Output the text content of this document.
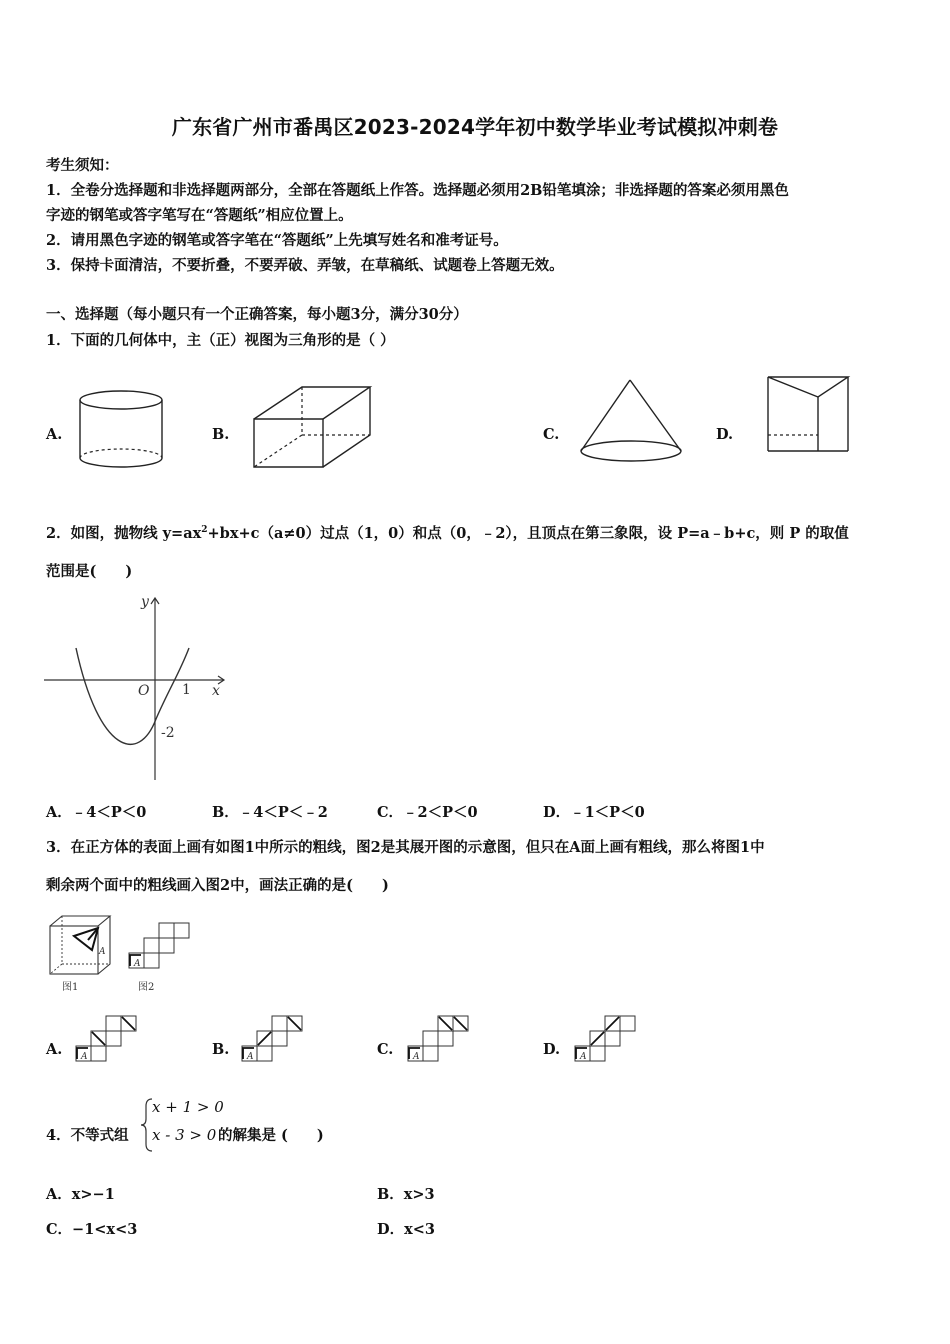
广东省广州市番禺区2023-2024学年初中数学毕业考试模拟冲刺卷
考生须知：
1．全卷分选择题和非选择题两部分，全部在答题纸上作答。选择题必须用2B铅笔填涂；非选择题的答案必须用黑色
字迹的钢笔或答字笔写在“答题纸”相应位置上。
2．请用黑色字迹的钢笔或答字笔在“答题纸”上先填写姓名和准考证号。
3．保持卡面清洁，不要折叠，不要弄破、弄皱，在草稿纸、试题卷上答题无效。
一、选择题（每小题只有一个正确答案，每小题3分，满分30分）
1．下面的几何体中，主（正）视图为三角形的是（ ）
A.	B.	C.	D.
2．如图，抛物线 $y=ax^2+bx+c(a\ne 0)$过点（1，0）和点（0，﹣2），且顶点在第三象限，设 P=a﹣b+c，则 P 的取值
范围是(　　)
y
x
O 1
-2
A．﹣4＜P＜0	B．﹣4＜P＜﹣2	C．﹣2＜P＜0	D．﹣1＜P＜0
3．在正方体的表面上画有如图1中所示的粗线，图2是其展开图的示意图，但只在A面上画有粗线，那么将图1中
剩余两个面中的粗线画入图2中，画法正确的是(　　)
A
图1
A
图2
A.	B.	C.	D.
A	A	A	A
4．不等式组
x + 1 > 0
x - 3 > 0 的解集是 (　　)
A．x>−1	B．x>3
C．−1<x<3	D．x<3
